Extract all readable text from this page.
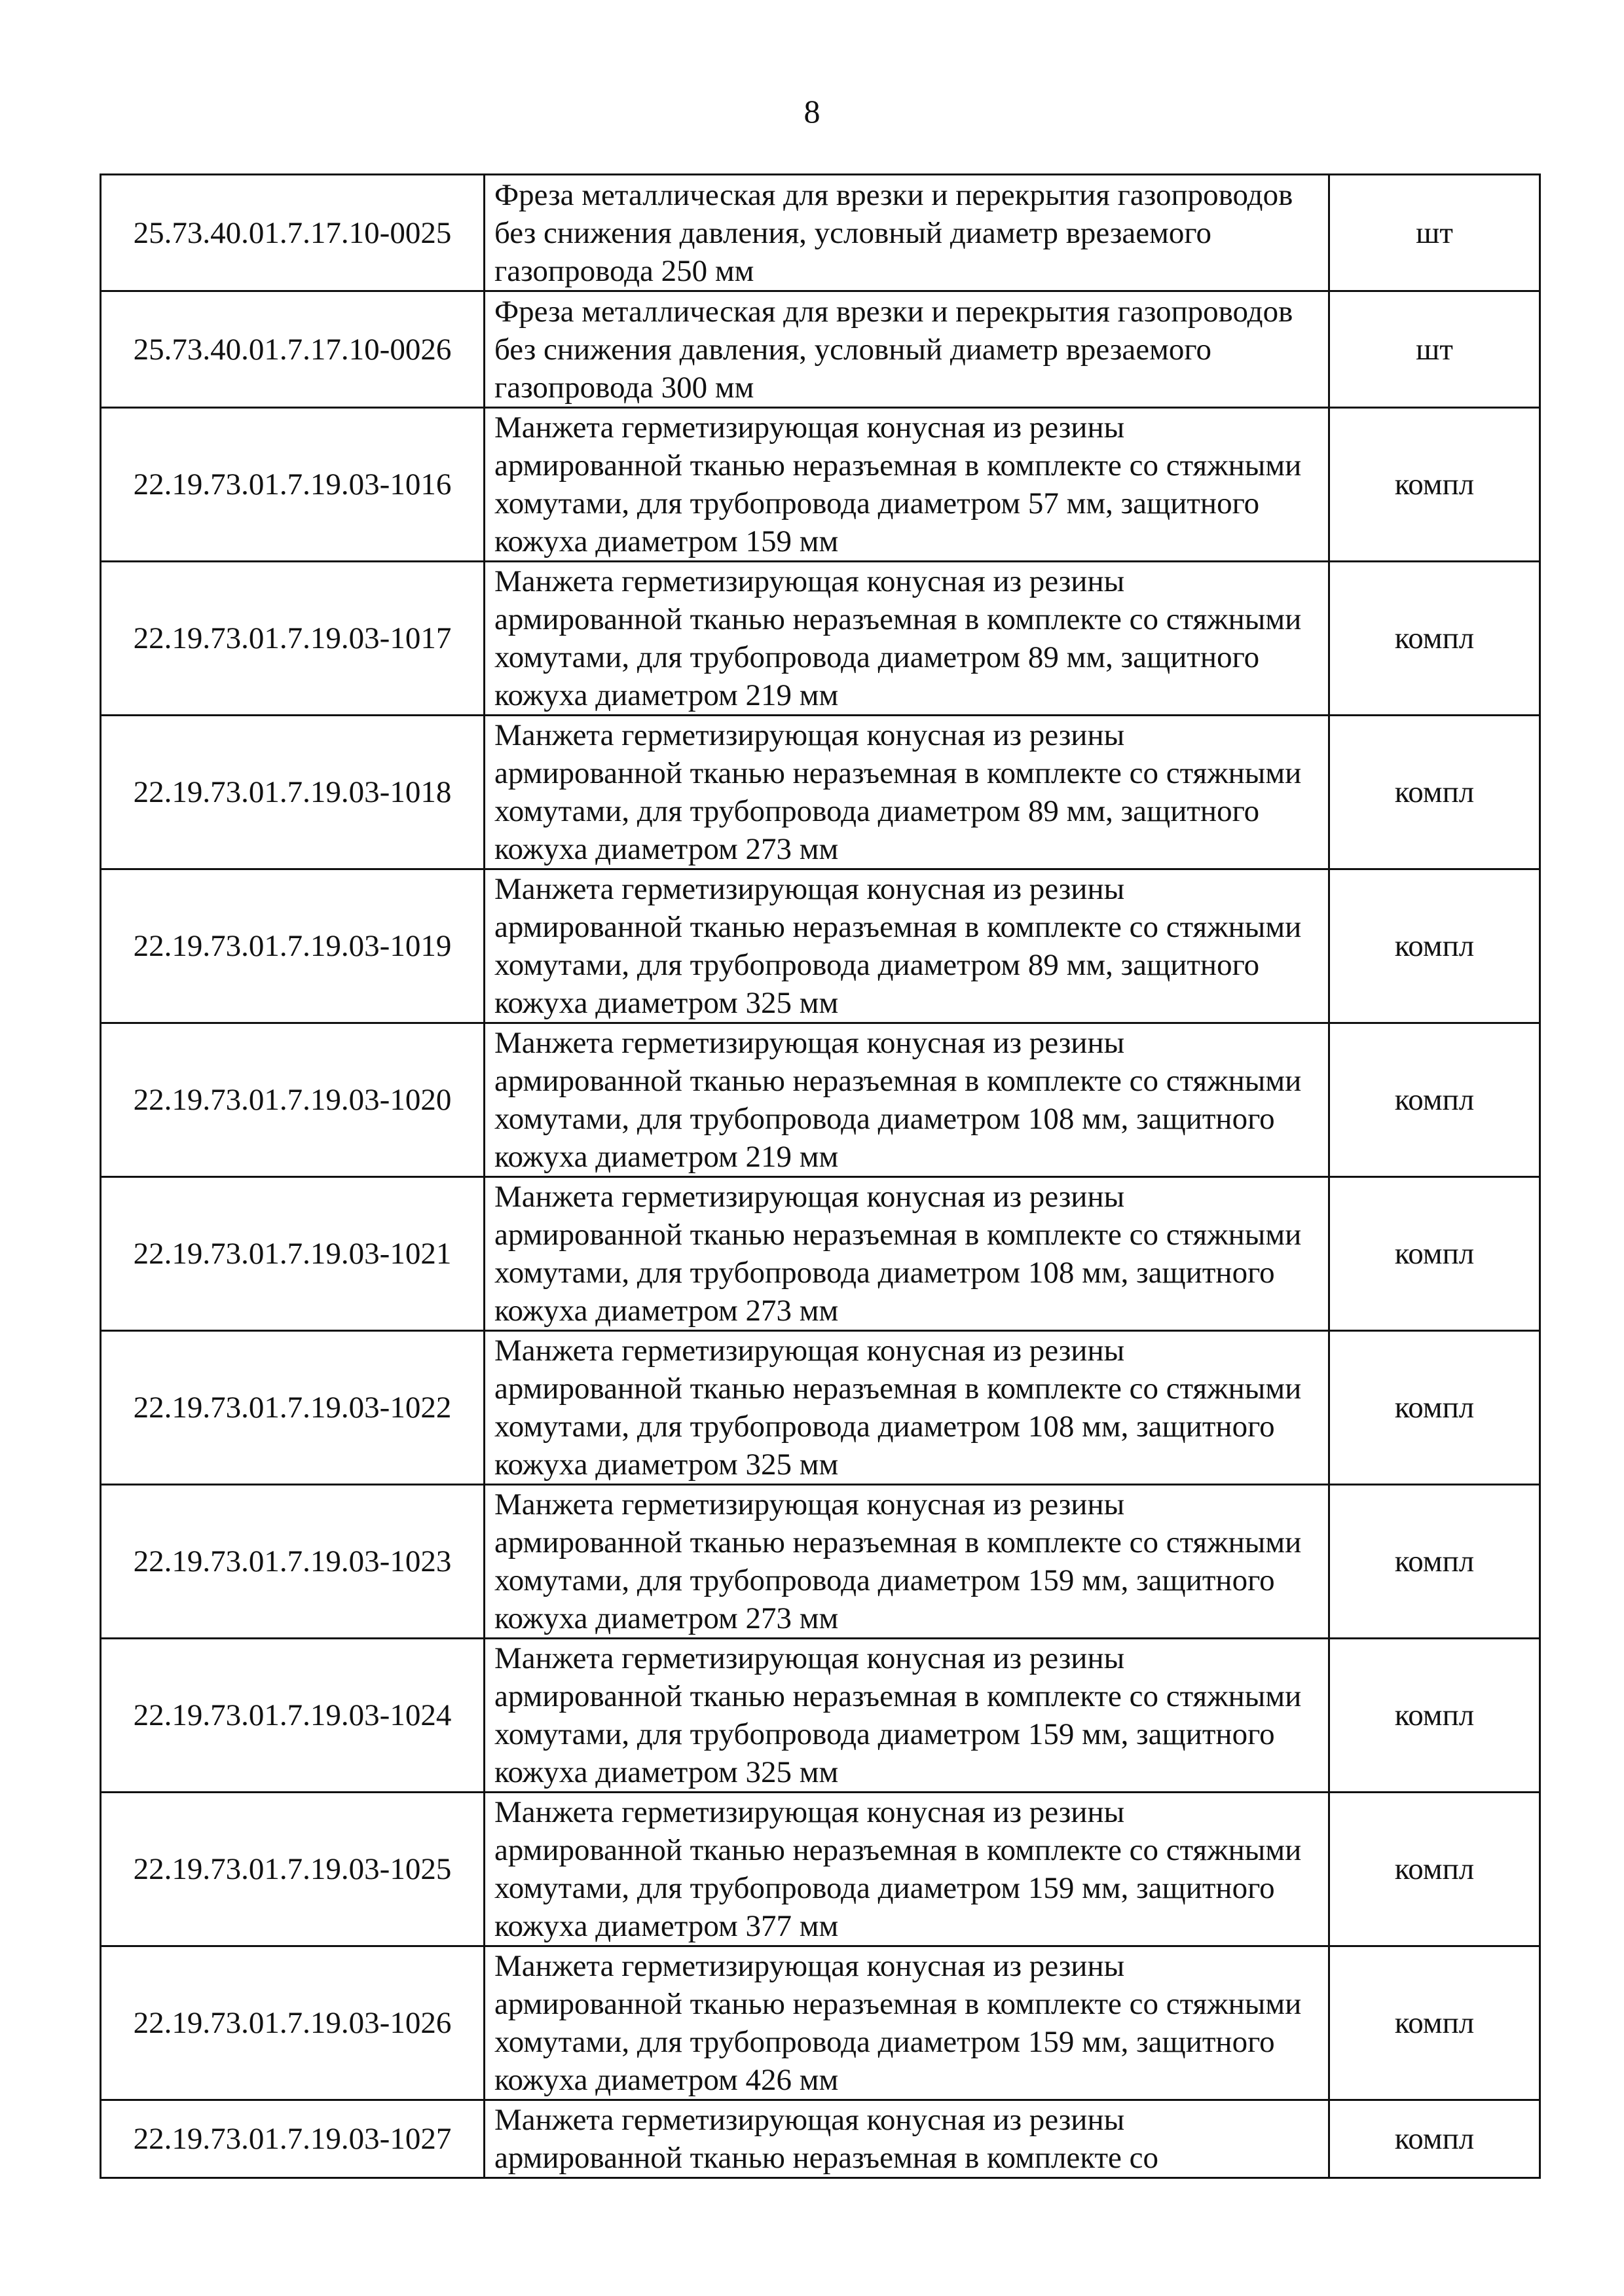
8
25.73.40.01.7.17.10-0025	Фреза металлическая для врезки и перекрытия газопроводов без снижения давления, условный диаметр врезаемого газопровода 250 мм	шт
25.73.40.01.7.17.10-0026	Фреза металлическая для врезки и перекрытия газопроводов без снижения давления, условный диаметр врезаемого газопровода 300 мм	шт
22.19.73.01.7.19.03-1016	Манжета герметизирующая конусная из резины армированной тканью неразъемная в комплекте со стяжными хомутами, для трубопровода диаметром 57 мм, защитного кожуха диаметром 159 мм	компл
22.19.73.01.7.19.03-1017	Манжета герметизирующая конусная из резины армированной тканью неразъемная в комплекте со стяжными хомутами, для трубопровода диаметром 89 мм, защитного кожуха диаметром 219 мм	компл
22.19.73.01.7.19.03-1018	Манжета герметизирующая конусная из резины армированной тканью неразъемная в комплекте со стяжными хомутами, для трубопровода диаметром 89 мм, защитного кожуха диаметром 273 мм	компл
22.19.73.01.7.19.03-1019	Манжета герметизирующая конусная из резины армированной тканью неразъемная в комплекте со стяжными хомутами, для трубопровода диаметром 89 мм, защитного кожуха диаметром 325 мм	компл
22.19.73.01.7.19.03-1020	Манжета герметизирующая конусная из резины армированной тканью неразъемная в комплекте со стяжными хомутами, для трубопровода диаметром 108 мм, защитного кожуха диаметром 219 мм	компл
22.19.73.01.7.19.03-1021	Манжета герметизирующая конусная из резины армированной тканью неразъемная в комплекте со стяжными хомутами, для трубопровода диаметром 108 мм, защитного кожуха диаметром 273 мм	компл
22.19.73.01.7.19.03-1022	Манжета герметизирующая конусная из резины армированной тканью неразъемная в комплекте со стяжными хомутами, для трубопровода диаметром 108 мм, защитного кожуха диаметром 325 мм	компл
22.19.73.01.7.19.03-1023	Манжета герметизирующая конусная из резины армированной тканью неразъемная в комплекте со стяжными хомутами, для трубопровода диаметром 159 мм, защитного кожуха диаметром 273 мм	компл
22.19.73.01.7.19.03-1024	Манжета герметизирующая конусная из резины армированной тканью неразъемная в комплекте со стяжными хомутами, для трубопровода диаметром 159 мм, защитного кожуха диаметром 325 мм	компл
22.19.73.01.7.19.03-1025	Манжета герметизирующая конусная из резины армированной тканью неразъемная в комплекте со стяжными хомутами, для трубопровода диаметром 159 мм, защитного кожуха диаметром 377 мм	компл
22.19.73.01.7.19.03-1026	Манжета герметизирующая конусная из резины армированной тканью неразъемная в комплекте со стяжными хомутами, для трубопровода диаметром 159 мм, защитного кожуха диаметром 426 мм	компл
22.19.73.01.7.19.03-1027	Манжета герметизирующая конусная из резины армированной тканью неразъемная в комплекте со	компл
